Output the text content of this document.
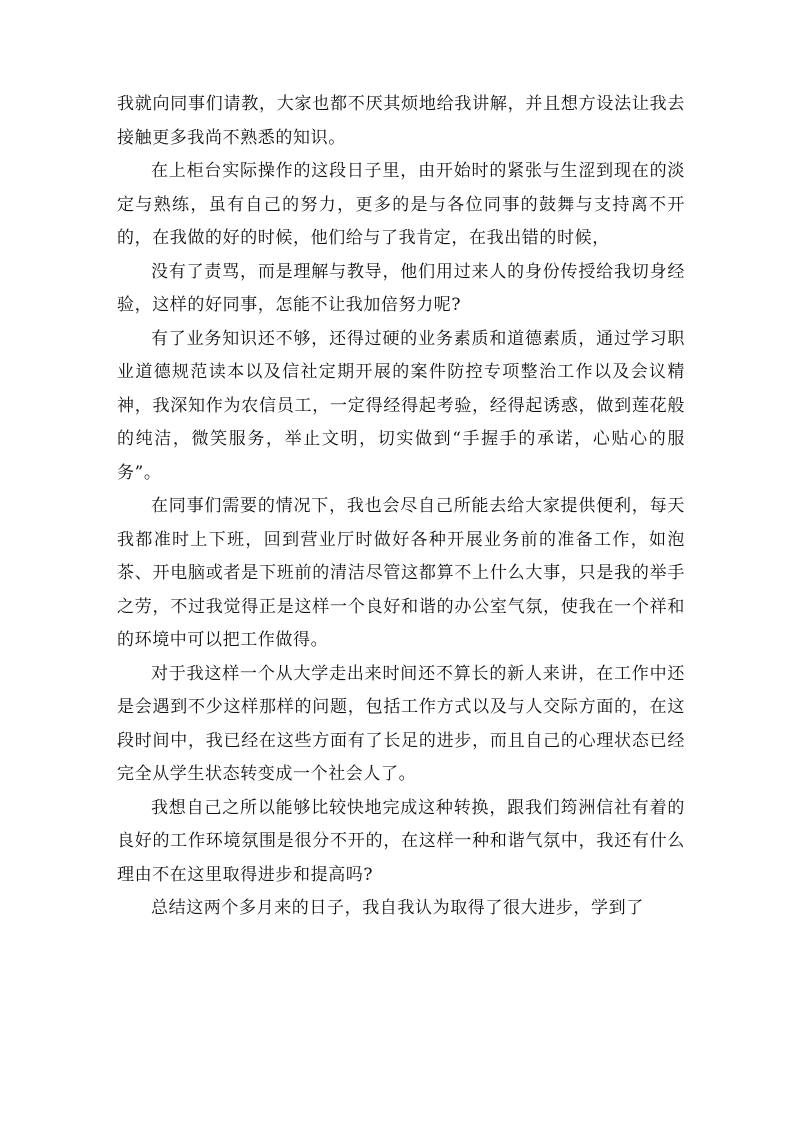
我就向同事们请教，大家也都不厌其烦地给我讲解，并且想方设法让我去接触更多我尚不熟悉的知识。

在上柜台实际操作的这段日子里，由开始时的紧张与生涩到现在的淡定与熟练，虽有自己的努力，更多的是与各位同事的鼓舞与支持离不开的，在我做的好的时候，他们给与了我肯定，在我出错的时候，

没有了责骂，而是理解与教导，他们用过来人的身份传授给我切身经验，这样的好同事，怎能不让我加倍努力呢?

有了业务知识还不够，还得过硬的业务素质和道德素质，通过学习职业道德规范读本以及信社定期开展的案件防控专项整治工作以及会议精神，我深知作为农信员工，一定得经得起考验，经得起诱惑，做到莲花般的纯洁，微笑服务，举止文明，切实做到“手握手的承诺，心贴心的服务”。

在同事们需要的情况下，我也会尽自己所能去给大家提供便利，每天我都准时上下班，回到营业厅时做好各种开展业务前的准备工作，如泡茶、开电脑或者是下班前的清洁尽管这都算不上什么大事，只是我的举手之劳，不过我觉得正是这样一个良好和谐的办公室气氛，使我在一个祥和的环境中可以把工作做得。

对于我这样一个从大学走出来时间还不算长的新人来讲，在工作中还是会遇到不少这样那样的问题，包括工作方式以及与人交际方面的，在这段时间中，我已经在这些方面有了长足的进步，而且自己的心理状态已经完全从学生状态转变成一个社会人了。

我想自己之所以能够比较快地完成这种转换，跟我们筠洲信社有着的良好的工作环境氛围是很分不开的，在这样一种和谐气氛中，我还有什么理由不在这里取得进步和提高吗?

总结这两个多月来的日子，我自我认为取得了很大进步，学到了
